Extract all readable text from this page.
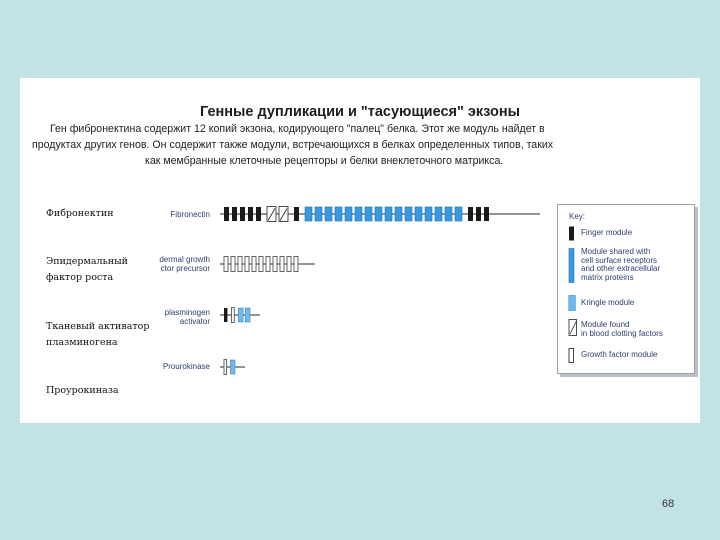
Генные дупликации и "тасующиеся" экзоны
Ген фибронектина содержит 12 копий экзона, кодирующего "палец" белка. Этот же модуль найдет в
продуктах других генов. Он содержит также модули, встречающихся в белках определенных типов, таких
как мембранные клеточные рецепторы и белки внеклеточного матрикса.
Фибронектин
Эпидермальный
фактор роста
Тканевый активатор
плазминогена
Проурокиназа
Fibronectin
dermal growth
ctor precursor
plasminogen
activator
Prourokinase
Key:
Finger module
Module shared with
cell surface receptors
and other extracellular
matrix proteins
Kringle module
Module found
in blood clotting factors
Growth factor module
68
